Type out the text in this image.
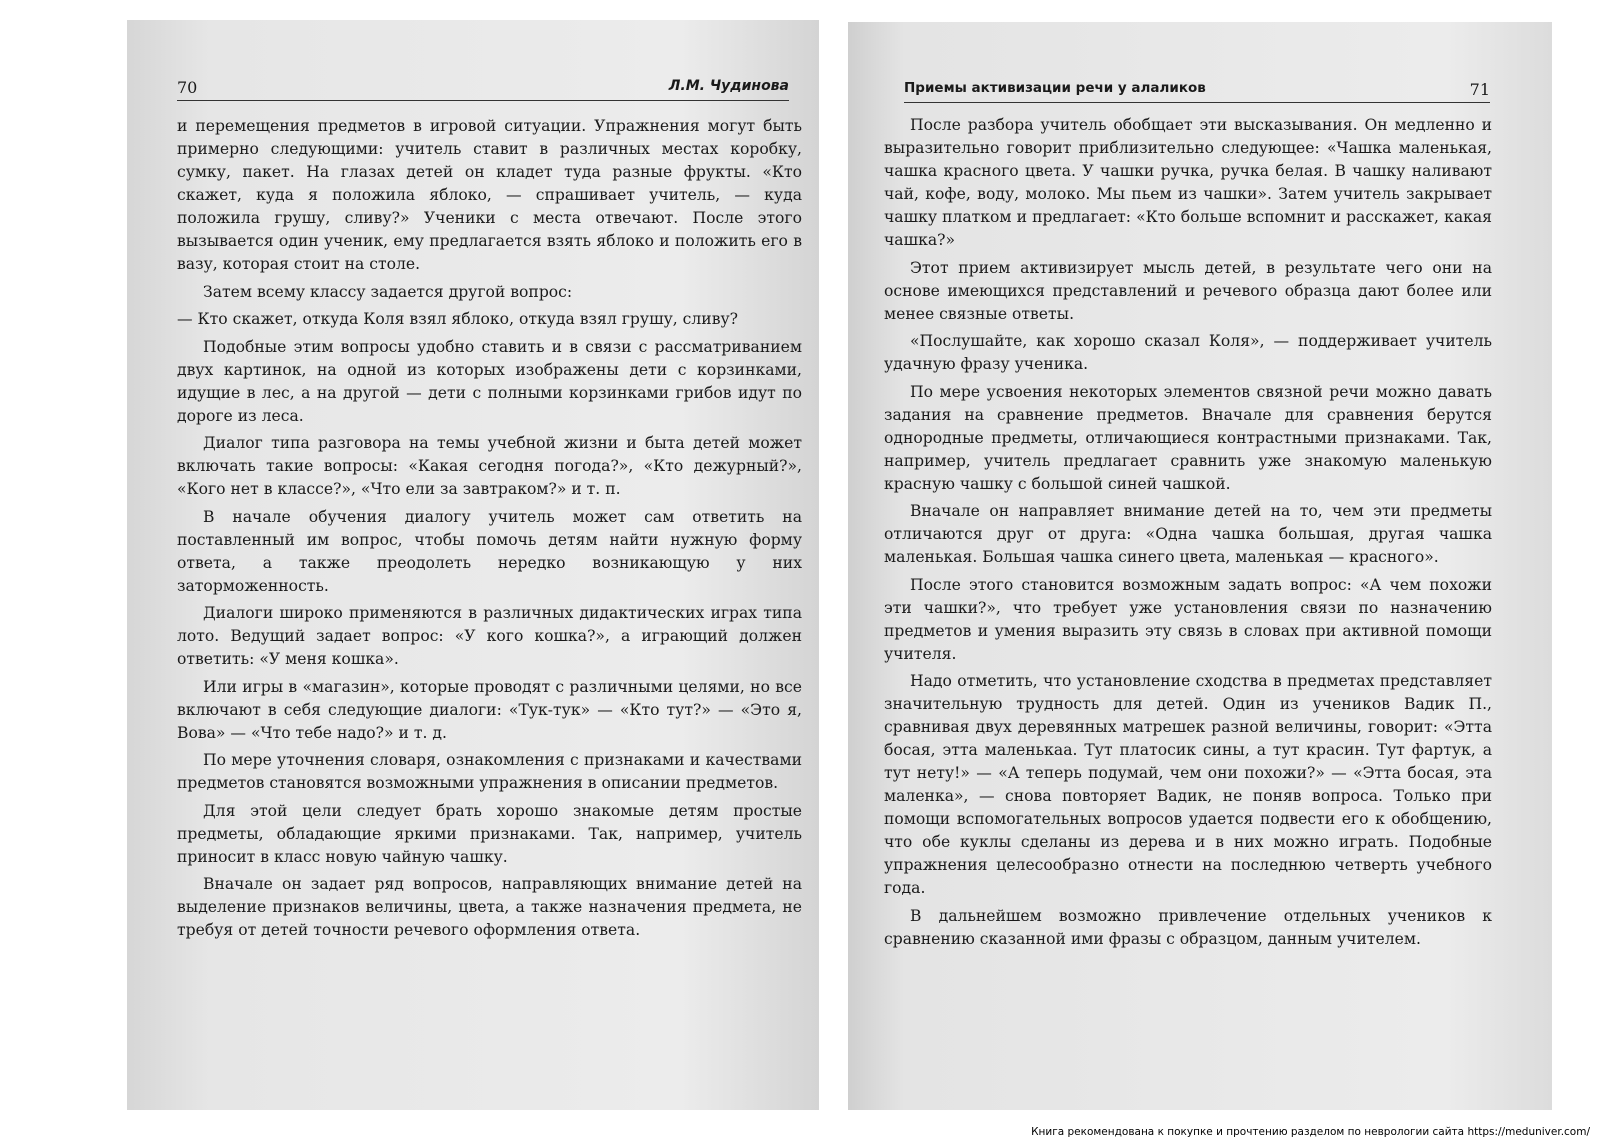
70	Л.М. Чудинова

и перемещения предметов в игровой ситуации. Упражнения могут быть примерно следующими: учитель ставит в различных местах коробку, сумку, пакет. На глазах детей он кладет туда разные фрукты. «Кто скажет, куда я положила яблоко, — спрашивает учитель, — куда положила грушу, сливу?» Ученики с места отвечают. После этого вызывается один ученик, ему предлагается взять яблоко и положить его в вазу, которая стоит на столе.

Затем всему классу задается другой вопрос:

— Кто скажет, откуда Коля взял яблоко, откуда взял грушу, сливу?

Подобные этим вопросы удобно ставить и в связи с рассматриванием двух картинок, на одной из которых изображены дети с корзинками, идущие в лес, а на другой — дети с полными корзинками грибов идут по дороге из леса.

Диалог типа разговора на темы учебной жизни и быта детей может включать такие вопросы: «Какая сегодня погода?», «Кто дежурный?», «Кого нет в классе?», «Что ели за завтраком?» и т. п.

В начале обучения диалогу учитель может сам ответить на поставленный им вопрос, чтобы помочь детям найти нужную форму ответа, а также преодолеть нередко возникающую у них заторможенность.

Диалоги широко применяются в различных дидактических играх типа лото. Ведущий задает вопрос: «У кого кошка?», а играющий должен ответить: «У меня кошка».

Или игры в «магазин», которые проводят с различными целями, но все включают в себя следующие диалоги: «Тук-тук» — «Кто тут?» — «Это я, Вова» — «Что тебе надо?» и т. д.

По мере уточнения словаря, ознакомления с признаками и качествами предметов становятся возможными упражнения в описании предметов.

Для этой цели следует брать хорошо знакомые детям простые предметы, обладающие яркими признаками. Так, например, учитель приносит в класс новую чайную чашку.

Вначале он задает ряд вопросов, направляющих внимание детей на выделение признаков величины, цвета, а также назначения предмета, не требуя от детей точности речевого оформления ответа.

Приемы активизации речи у алаликов	71

После разбора учитель обобщает эти высказывания. Он медленно и выразительно говорит приблизительно следующее: «Чашка маленькая, чашка красного цвета. У чашки ручка, ручка белая. В чашку наливают чай, кофе, воду, молоко. Мы пьем из чашки». Затем учитель закрывает чашку платком и предлагает: «Кто больше вспомнит и расскажет, какая чашка?»

Этот прием активизирует мысль детей, в результате чего они на основе имеющихся представлений и речевого образца дают более или менее связные ответы.

«Послушайте, как хорошо сказал Коля», — поддерживает учитель удачную фразу ученика.

По мере усвоения некоторых элементов связной речи можно давать задания на сравнение предметов. Вначале для сравнения берутся однородные предметы, отличающиеся контрастными признаками. Так, например, учитель предлагает сравнить уже знакомую маленькую красную чашку с большой синей чашкой.

Вначале он направляет внимание детей на то, чем эти предметы отличаются друг от друга: «Одна чашка большая, другая чашка маленькая. Большая чашка синего цвета, маленькая — красного».

После этого становится возможным задать вопрос: «А чем похожи эти чашки?», что требует уже установления связи по назначению предметов и умения выразить эту связь в словах при активной помощи учителя.

Надо отметить, что установление сходства в предметах представляет значительную трудность для детей. Один из учеников Вадик П., сравнивая двух деревянных матрешек разной величины, говорит: «Этта босая, этта маленькаа. Тут платосик сины, а тут красин. Тут фартук, а тут нету!» — «А теперь подумай, чем они похожи?» — «Этта босая, эта маленка», — снова повторяет Вадик, не поняв вопроса. Только при помощи вспомогательных вопросов удается подвести его к обобщению, что обе куклы сделаны из дерева и в них можно играть. Подобные упражнения целесообразно отнести на последнюю четверть учебного года.

В дальнейшем возможно привлечение отдельных учеников к сравнению сказанной ими фразы с образцом, данным учителем.

Книга рекомендована к покупке и прочтению разделом по неврологии сайта https://meduniver.com/
